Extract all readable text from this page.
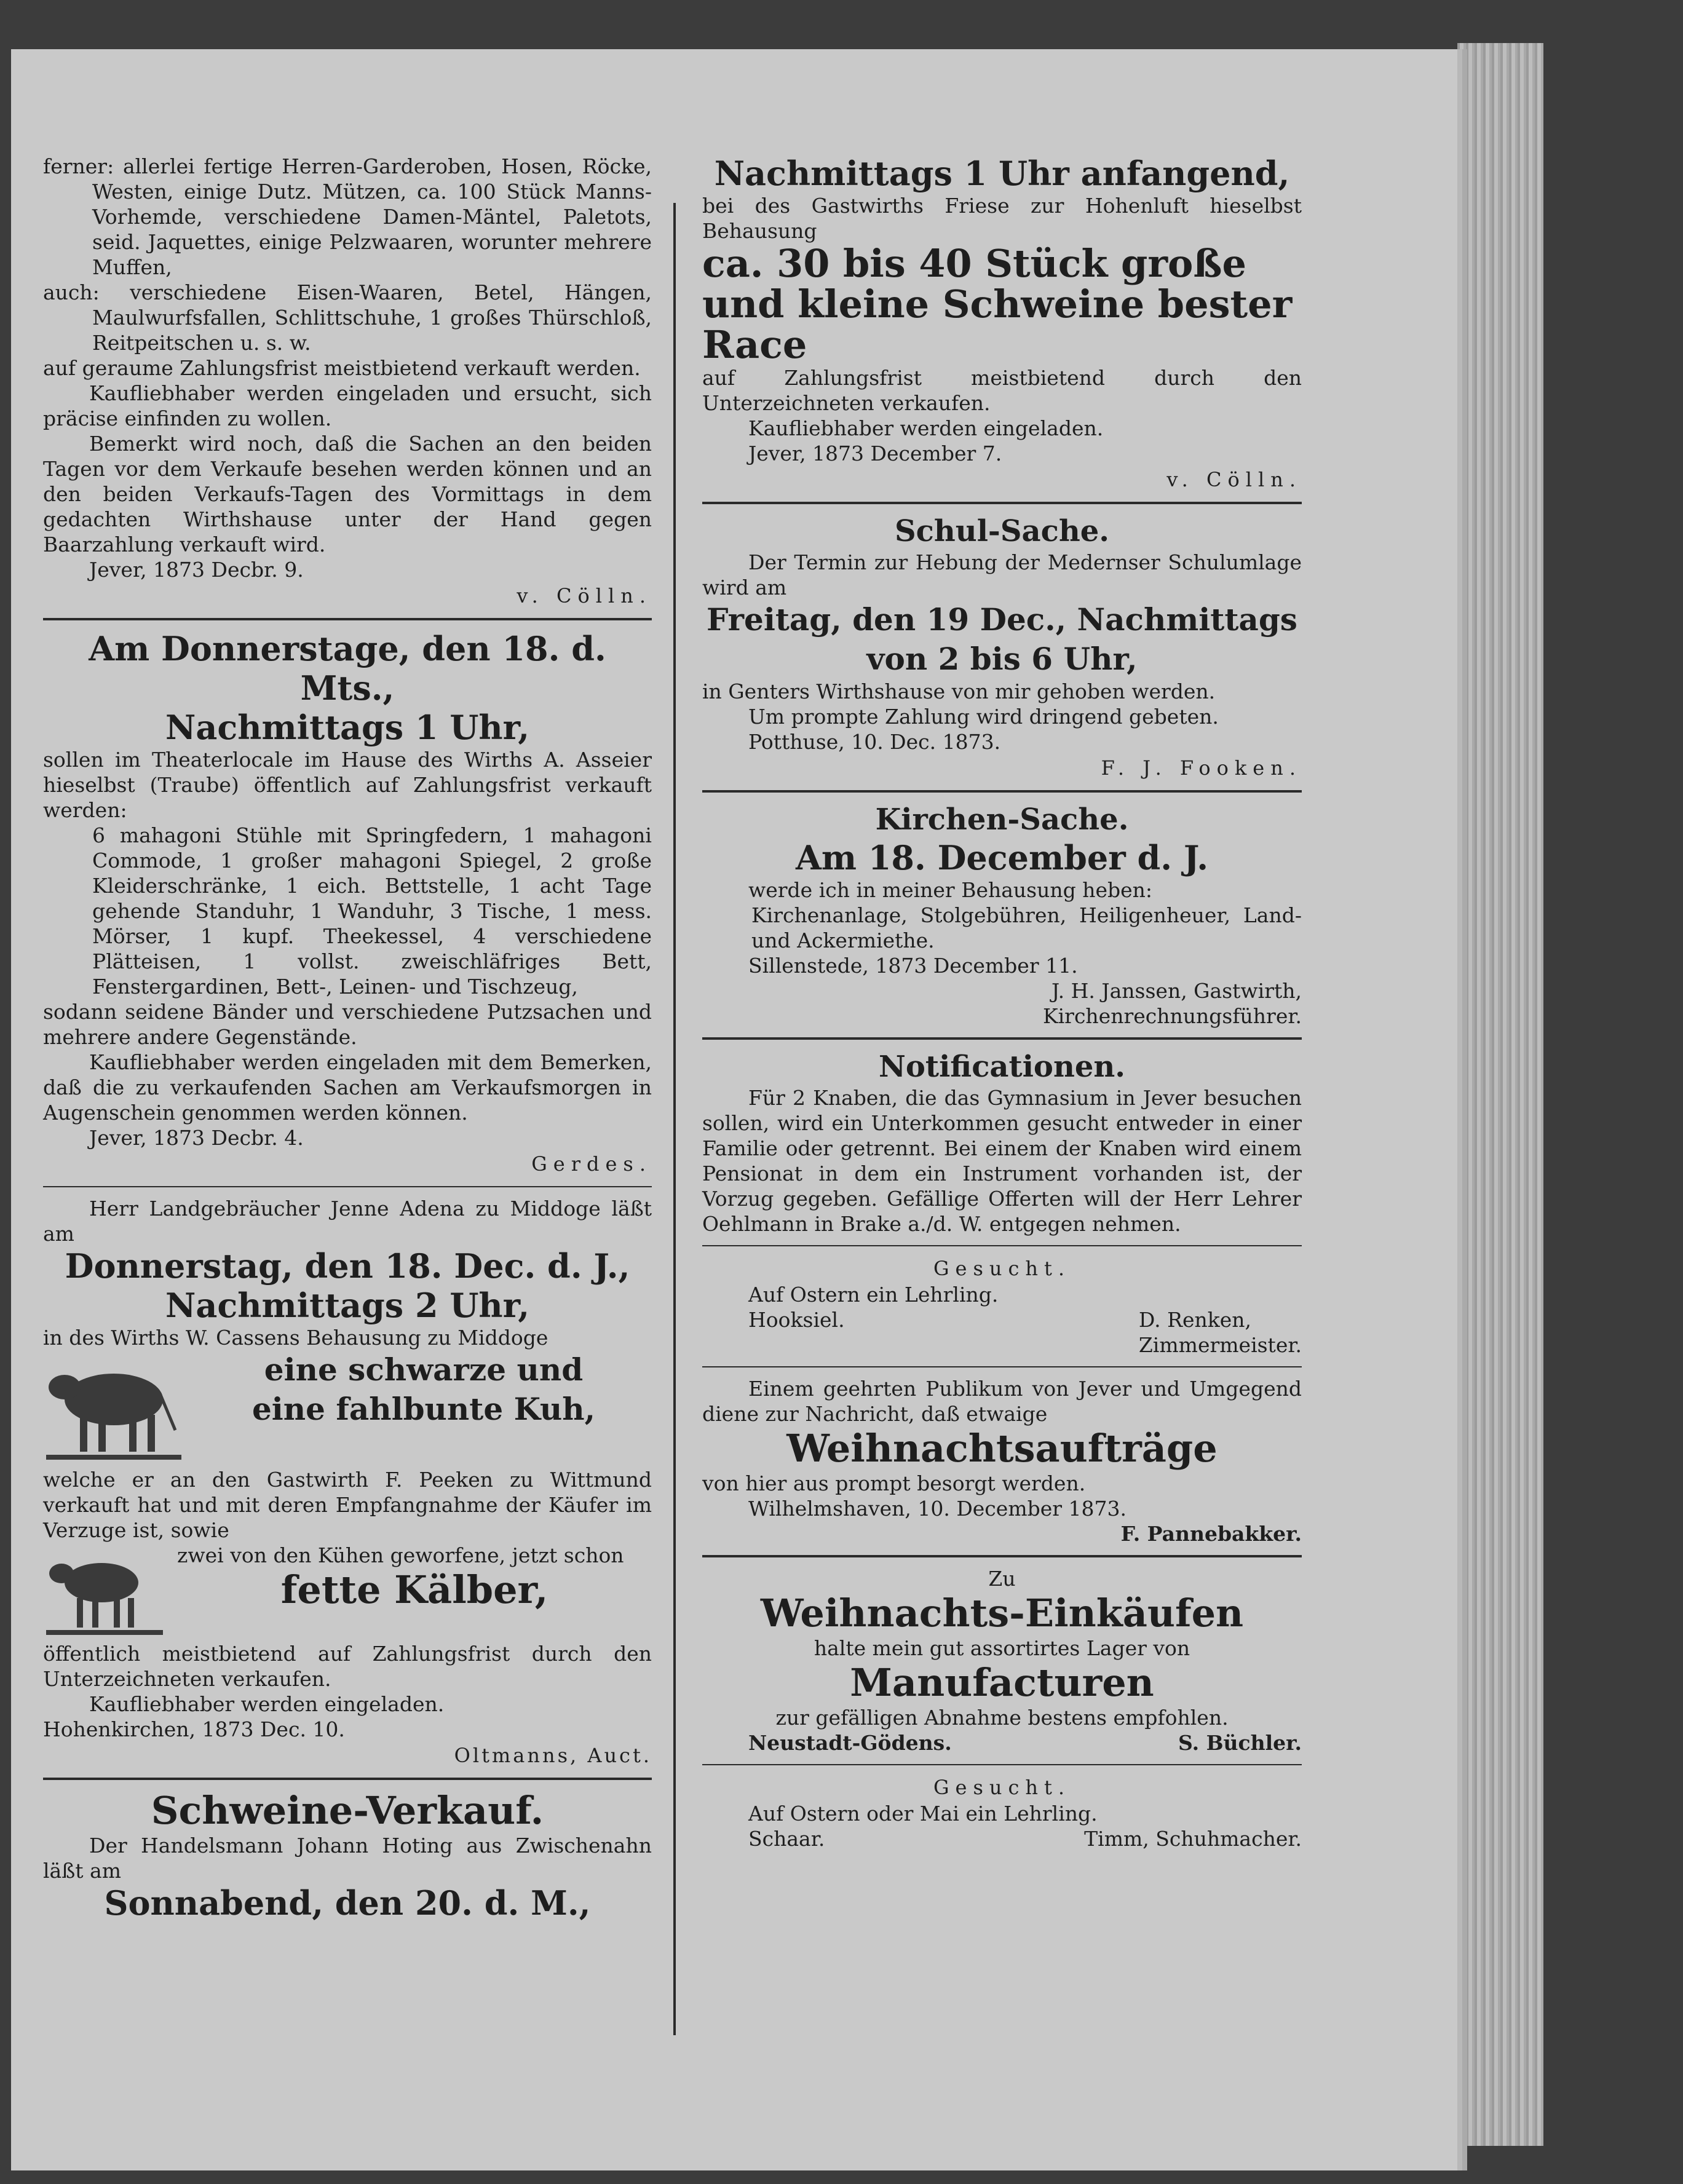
ferner: allerlei fertige Herren-Garderoben, Hosen, Röcke, Westen, einige Dutz. Mützen, ca. 100 Stück Manns-Vorhemde, verschiedene Damen-Mäntel, Paletots, seid. Jaquettes, einige Pelzwaaren, worunter mehrere Muffen,

auch: verschiedene Eisen-Waaren, Betel, Hängen, Maulwurfsfallen, Schlittschuhe, 1 großes Thürschloß, Reitpeitschen u. s. w.

auf geraume Zahlungsfrist meistbietend verkauft werden.

Kaufliebhaber werden eingeladen und ersucht, sich präcise einfinden zu wollen.

Bemerkt wird noch, daß die Sachen an den beiden Tagen vor dem Verkaufe besehen werden können und an den beiden Verkaufs-Tagen des Vormittags in dem gedachten Wirthshause unter der Hand gegen Baarzahlung verkauft wird.

Jever, 1873 Decbr. 9.

v. Cölln.

Am Donnerstage, den 18. d. Mts.,

Nachmittags 1 Uhr,

sollen im Theaterlocale im Hause des Wirths A. Asseier hieselbst (Traube) öffentlich auf Zahlungsfrist verkauft werden:

6 mahagoni Stühle mit Springfedern, 1 mahagoni Commode, 1 großer mahagoni Spiegel, 2 große Kleiderschränke, 1 eich. Bettstelle, 1 acht Tage gehende Standuhr, 1 Wanduhr, 3 Tische, 1 mess. Mörser, 1 kupf. Theekessel, 4 verschiedene Plätteisen, 1 vollst. zweischläfriges Bett, Fenstergardinen, Bett-, Leinen- und Tischzeug,

sodann seidene Bänder und verschiedene Putzsachen und mehrere andere Gegenstände.

Kaufliebhaber werden eingeladen mit dem Bemerken, daß die zu verkaufenden Sachen am Verkaufsmorgen in Augenschein genommen werden können.

Jever, 1873 Decbr. 4.

Gerdes.

Herr Landgebräucher Jenne Adena zu Middoge läßt am

Donnerstag, den 18. Dec. d. J.,

Nachmittags 2 Uhr,

in des Wirths W. Cassens Behausung zu Middoge

eine schwarze und

eine fahlbunte Kuh,

welche er an den Gastwirth F. Peeken zu Wittmund verkauft hat und mit deren Empfangnahme der Käufer im Verzuge ist, sowie

zwei von den Kühen geworfene, jetzt schon

fette Kälber,

öffentlich meistbietend auf Zahlungsfrist durch den Unterzeichneten verkaufen.

Kaufliebhaber werden eingeladen.

Hohenkirchen, 1873 Dec. 10.

Oltmanns, Auct.

Schweine-Verkauf.

Der Handelsmann Johann Hoting aus Zwischenahn läßt am

Sonnabend, den 20. d. M.,

Nachmittags 1 Uhr anfangend,

bei des Gastwirths Friese zur Hohenluft hieselbst Behausung

ca. 30 bis 40 Stück große und kleine Schweine bester Race

auf Zahlungsfrist meistbietend durch den Unterzeichneten verkaufen.

Kaufliebhaber werden eingeladen.

Jever, 1873 December 7.

v. Cölln.

Schul-Sache.

Der Termin zur Hebung der Medernser Schulumlage wird am

Freitag, den 19 Dec., Nachmittags von 2 bis 6 Uhr,

in Genters Wirthshause von mir gehoben werden.

Um prompte Zahlung wird dringend gebeten.

Potthuse, 10. Dec. 1873.

F. J. Fooken.

Kirchen-Sache.

Am 18. December d. J.

werde ich in meiner Behausung heben:

Kirchenanlage, Stolgebühren, Heiligenheuer, Land- und Ackermiethe.

Sillenstede, 1873 December 11.

J. H. Janssen, Gastwirth,

Kirchenrechnungsführer.

Notificationen.

Für 2 Knaben, die das Gymnasium in Jever besuchen sollen, wird ein Unterkommen gesucht entweder in einer Familie oder getrennt. Bei einem der Knaben wird einem Pensionat in dem ein Instrument vorhanden ist, der Vorzug gegeben. Gefällige Offerten will der Herr Lehrer Oehlmann in Brake a./d. W. entgegen nehmen.

Gesucht.

Auf Ostern ein Lehrling.

Hooksiel.	D. Renken,

Zimmermeister.

Einem geehrten Publikum von Jever und Umgegend diene zur Nachricht, daß etwaige

Weihnachtsaufträge

von hier aus prompt besorgt werden.

Wilhelmshaven, 10. December 1873.

F. Pannebakker.

Zu

Weihnachts-Einkäufen

halte mein gut assortirtes Lager von

Manufacturen

zur gefälligen Abnahme bestens empfohlen.

Neustadt-Gödens.	S. Büchler.

Gesucht.

Auf Ostern oder Mai ein Lehrling.

Schaar.	Timm, Schuhmacher.
